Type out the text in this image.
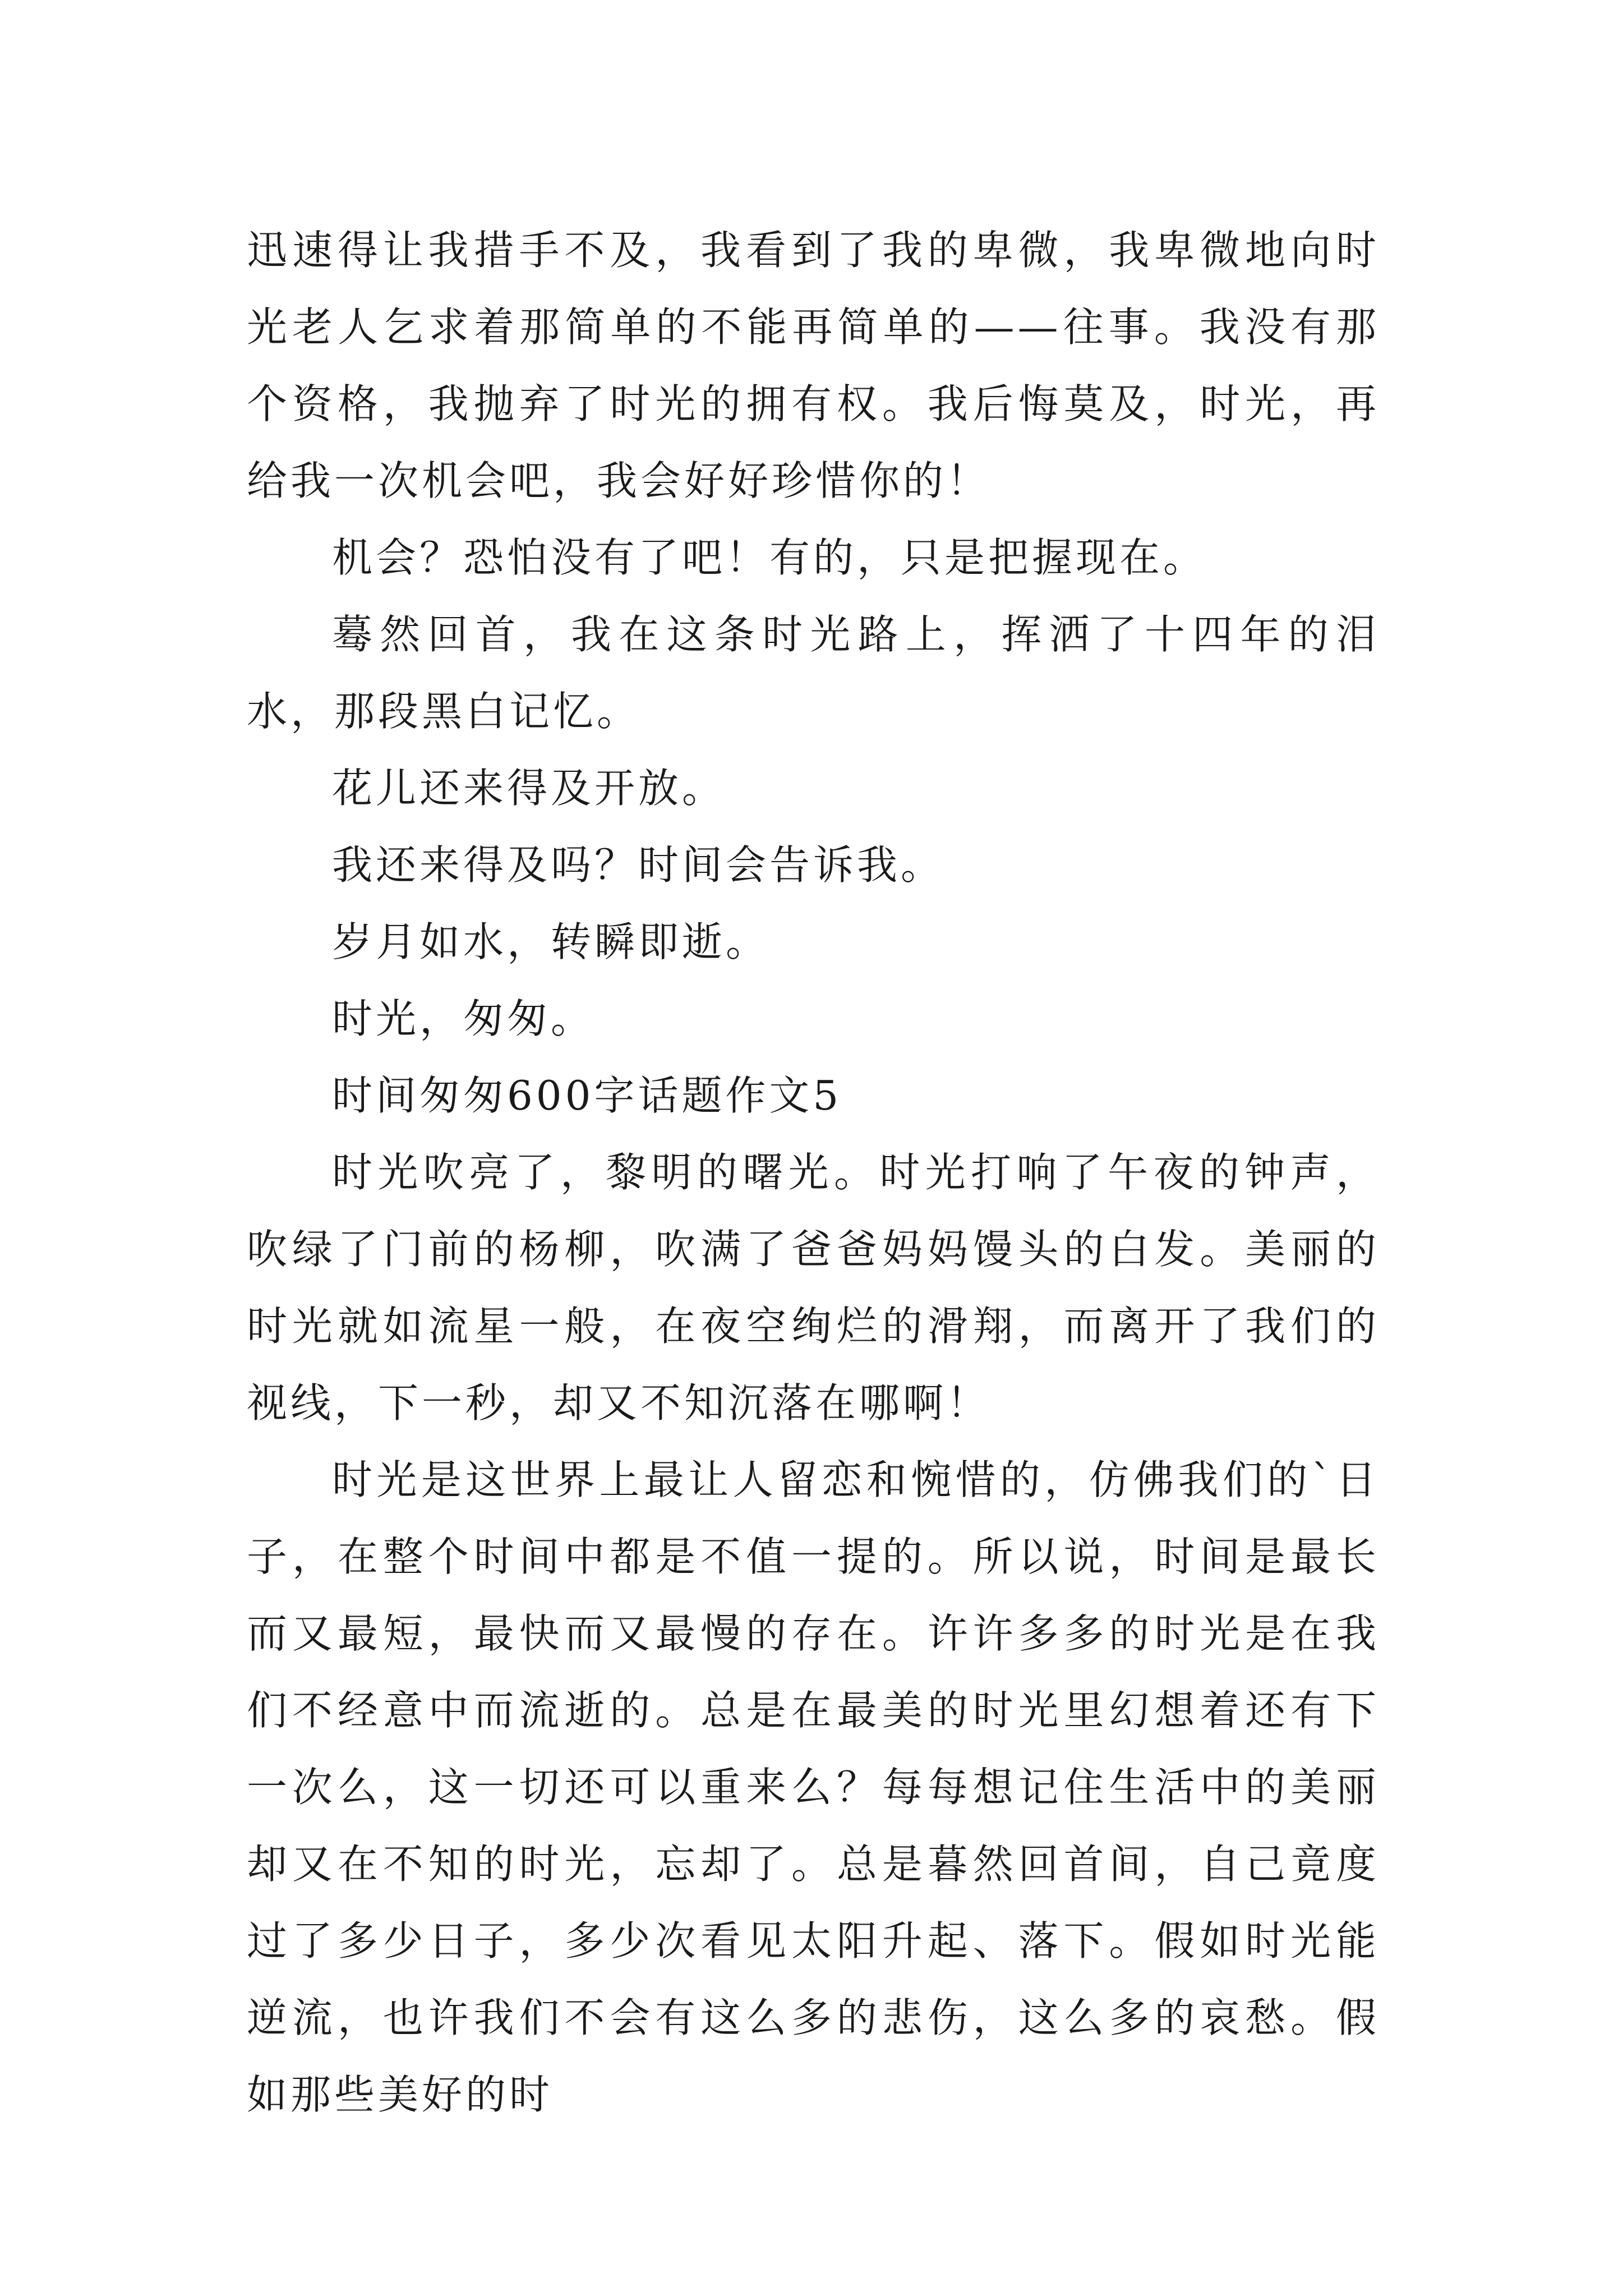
迅速得让我措手不及，我看到了我的卑微，我卑微地向时光老人乞求着那简单的不能再简单的——往事。我没有那个资格，我抛弃了时光的拥有权。我后悔莫及，时光，再给我一次机会吧，我会好好珍惜你的！

机会？恐怕没有了吧！有的，只是把握现在。

蓦然回首，我在这条时光路上，挥洒了十四年的泪水，那段黑白记忆。

花儿还来得及开放。

我还来得及吗？时间会告诉我。

岁月如水，转瞬即逝。

时光，匆匆。

时间匆匆600字话题作文5

时光吹亮了，黎明的曙光。时光打响了午夜的钟声，吹绿了门前的杨柳，吹满了爸爸妈妈馒头的白发。美丽的时光就如流星一般，在夜空绚烂的滑翔，而离开了我们的视线，下一秒，却又不知沉落在哪啊！

时光是这世界上最让人留恋和惋惜的，仿佛我们的`日子，在整个时间中都是不值一提的。所以说，时间是最长而又最短，最快而又最慢的存在。许许多多的时光是在我们不经意中而流逝的。总是在最美的时光里幻想着还有下一次么，这一切还可以重来么？每每想记住生活中的美丽却又在不知的时光，忘却了。总是暮然回首间，自己竟度过了多少日子，多少次看见太阳升起、落下。假如时光能逆流，也许我们不会有这么多的悲伤，这么多的哀愁。假如那些美好的时
